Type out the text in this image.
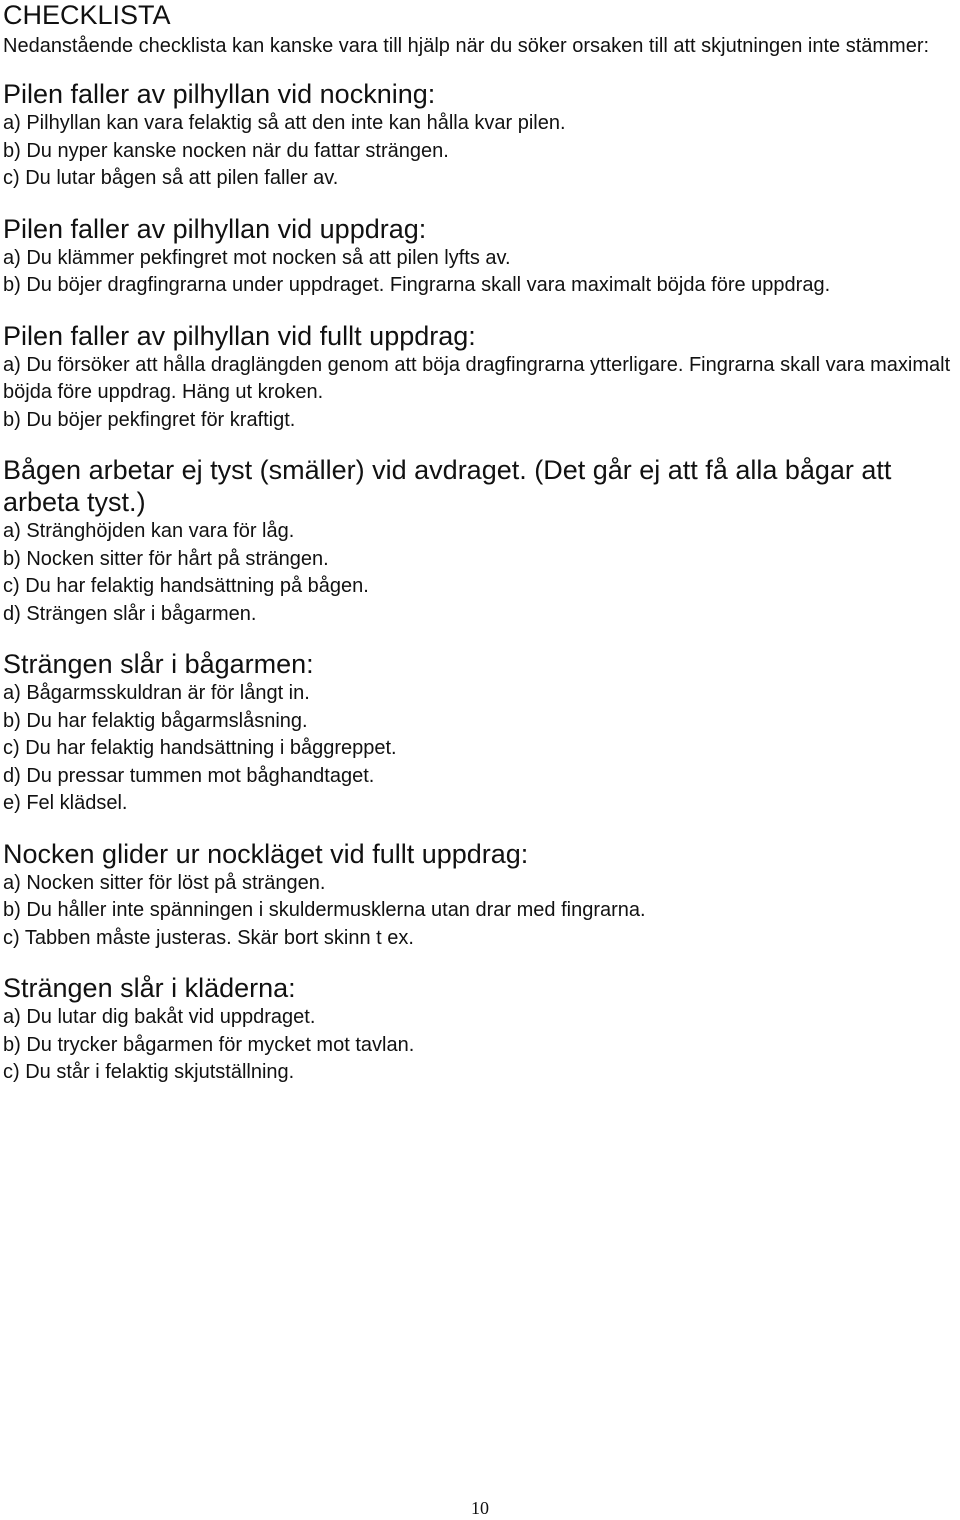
CHECKLISTA

Nedanstående checklista kan kanske vara till hjälp när du söker orsaken till att skjutningen inte stämmer:

Pilen faller av pilhyllan vid nockning:

a) Pilhyllan kan vara felaktig så att den inte kan hålla kvar pilen.

b) Du nyper kanske nocken när du fattar strängen.

c) Du lutar bågen så att pilen faller av.

Pilen faller av pilhyllan vid uppdrag:

a) Du klämmer pekfingret mot nocken så att pilen lyfts av.

b) Du böjer dragfingrarna under uppdraget. Fingrarna skall vara maximalt böjda före uppdrag.

Pilen faller av pilhyllan vid fullt uppdrag:

a) Du försöker att hålla draglängden genom att böja dragfingrarna ytterligare. Fingrarna skall vara maximalt böjda före uppdrag. Häng ut kroken.

b) Du böjer pekfingret för kraftigt.

Bågen arbetar ej tyst (smäller) vid avdraget. (Det går ej att få alla bågar att arbeta tyst.)

a) Stränghöjden kan vara för låg.

b) Nocken sitter för hårt på strängen.

c) Du har felaktig handsättning på bågen.

d) Strängen slår i bågarmen.

Strängen slår i bågarmen:

a) Bågarmsskuldran är för långt in.

b) Du har felaktig bågarmslåsning.

c) Du har felaktig handsättning i båggreppet.

d) Du pressar tummen mot båghandtaget.

e) Fel klädsel.

Nocken glider ur nockläget vid fullt uppdrag:

a) Nocken sitter för löst på strängen.

b) Du håller inte spänningen i skuldermusklerna utan drar med fingrarna.

c) Tabben måste justeras. Skär bort skinn t ex.

Strängen slår i kläderna:

a) Du lutar dig bakåt vid uppdraget.

b) Du trycker bågarmen för mycket mot tavlan.

c) Du står i felaktig skjutställning.

10
